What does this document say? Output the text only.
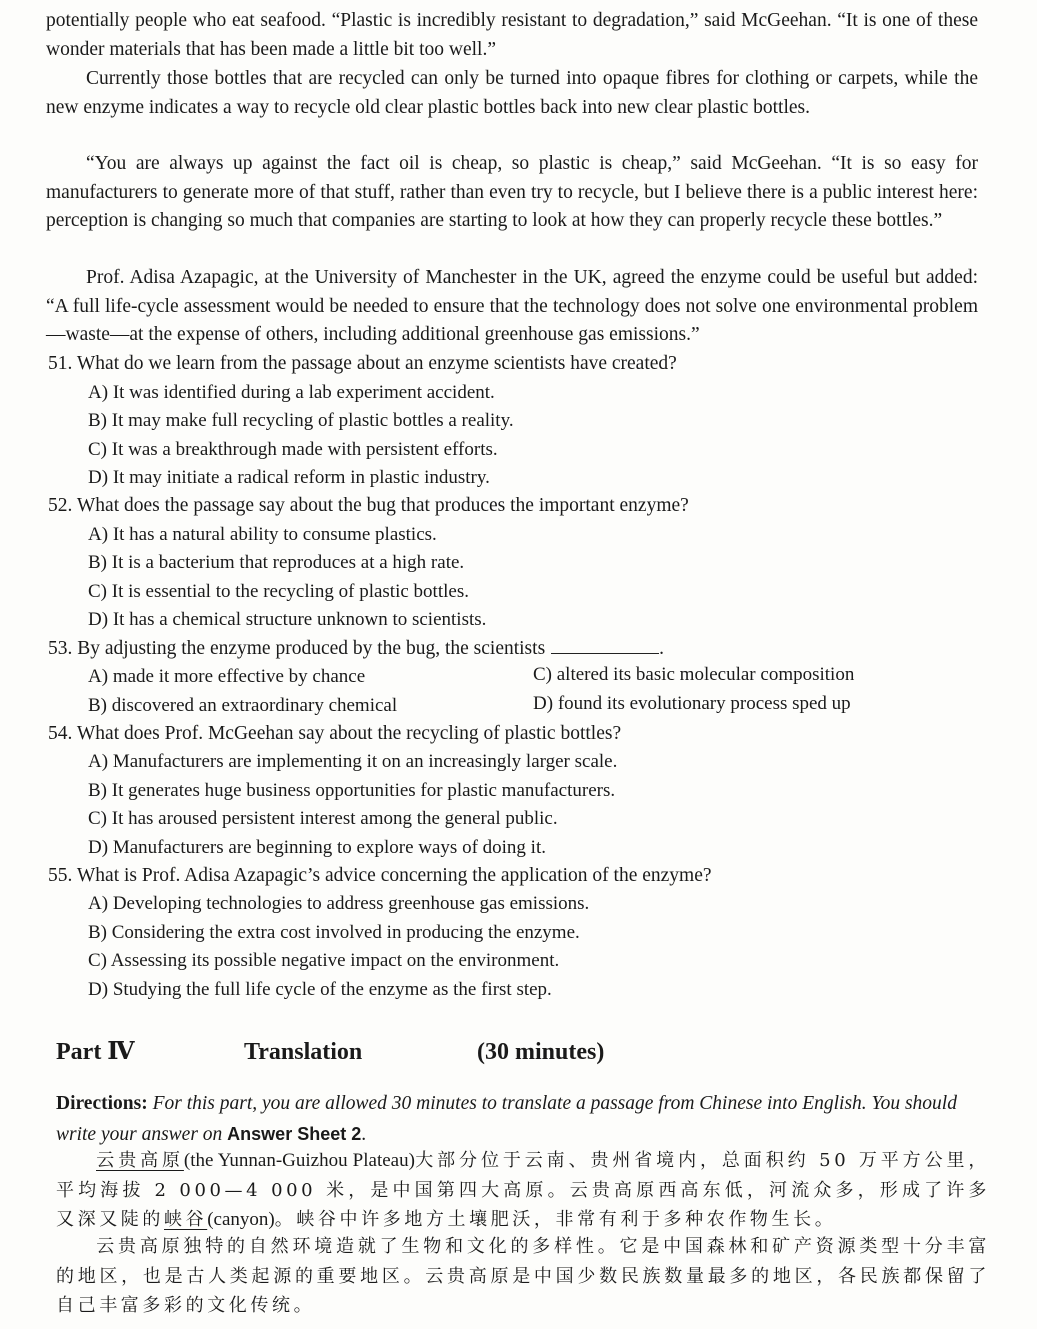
potentially people who eat seafood. “Plastic is incredibly resistant to degradation,” said McGeehan. “It is one of these wonder materials that has been made a little bit too well.”
Currently those bottles that are recycled can only be turned into opaque fibres for clothing or carpets, while the new enzyme indicates a way to recycle old clear plastic bottles back into new clear plastic bottles.
“You are always up against the fact oil is cheap, so plastic is cheap,” said McGeehan. “It is so easy for manufacturers to generate more of that stuff, rather than even try to recycle, but I believe there is a public interest here: perception is changing so much that companies are starting to look at how they can properly recycle these bottles.”
Prof. Adisa Azapagic, at the University of Manchester in the UK, agreed the enzyme could be useful but added: “A full life-cycle assessment would be needed to ensure that the technology does not solve one environmental problem—waste—at the expense of others, including additional greenhouse gas emissions.”
51. What do we learn from the passage about an enzyme scientists have created?
A) It was identified during a lab experiment accident.
B) It may make full recycling of plastic bottles a reality.
C) It was a breakthrough made with persistent efforts.
D) It may initiate a radical reform in plastic industry.
52. What does the passage say about the bug that produces the important enzyme?
A) It has a natural ability to consume plastics.
B) It is a bacterium that reproduces at a high rate.
C) It is essential to the recycling of plastic bottles.
D) It has a chemical structure unknown to scientists.
53. By adjusting the enzyme produced by the bug, the scientists	.
A) made it more effective by chance	C) altered its basic molecular composition
B) discovered an extraordinary chemical	D) found its evolutionary process sped up
54. What does Prof. McGeehan say about the recycling of plastic bottles?
A) Manufacturers are implementing it on an increasingly larger scale.
B) It generates huge business opportunities for plastic manufacturers.
C) It has aroused persistent interest among the general public.
D) Manufacturers are beginning to explore ways of doing it.
55. What is Prof. Adisa Azapagic’s advice concerning the application of the enzyme?
A) Developing technologies to address greenhouse gas emissions.
B) Considering the extra cost involved in producing the enzyme.
C) Assessing its possible negative impact on the environment.
D) Studying the full life cycle of the enzyme as the first step.
Part Ⅳ	Translation	(30 minutes)
Directions: For this part, you are allowed 30 minutes to translate a passage from Chinese into English. You should write your answer on Answer Sheet 2.
云贵高原(the Yunnan-Guizhou Plateau)大部分位于云南、贵州省境内，总面积约 50 万平方公里，平均海拔 2 000—4 000 米，是中国第四大高原。云贵高原西高东低，河流众多，形成了许多又深又陡的峡谷(canyon)。峡谷中许多地方土壤肥沃，非常有利于多种农作物生长。
云贵高原独特的自然环境造就了生物和文化的多样性。它是中国森林和矿产资源类型十分丰富的地区，也是古人类起源的重要地区。云贵高原是中国少数民族数量最多的地区，各民族都保留了自己丰富多彩的文化传统。
